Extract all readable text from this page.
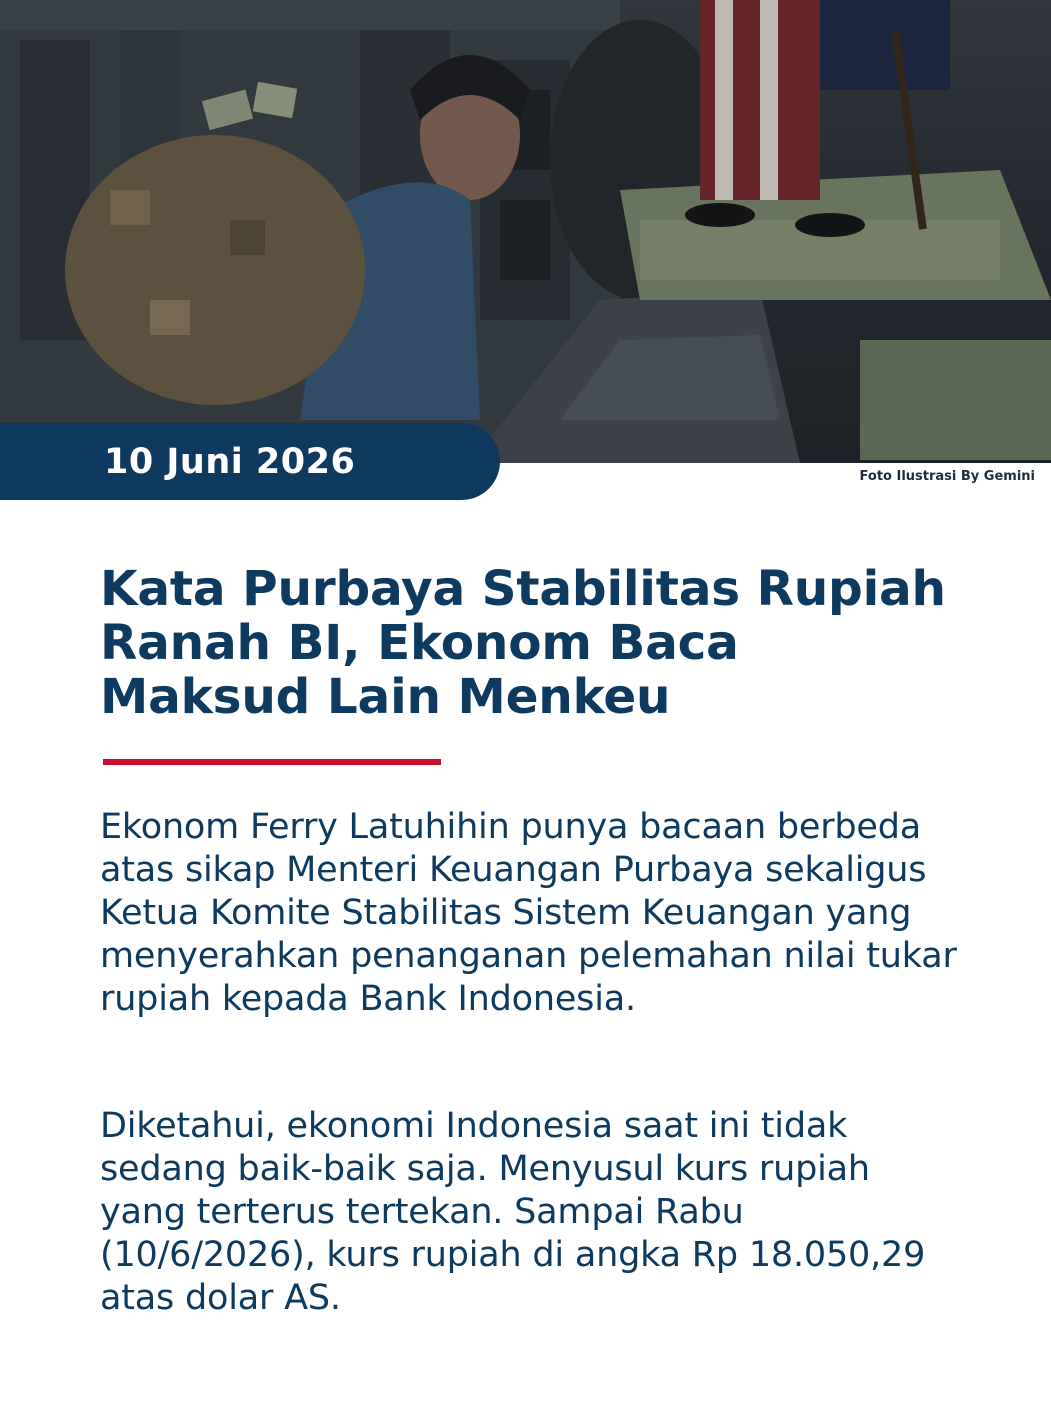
10 Juni 2026	Foto Ilustrasi By Gemini
Kata Purbaya Stabilitas Rupiah Ranah BI, Ekonom Baca Maksud Lain Menkeu

Ekonom Ferry Latuhihin punya bacaan berbeda atas sikap Menteri Keuangan Purbaya sekaligus Ketua Komite Stabilitas Sistem Keuangan yang menyerahkan penanganan pelemahan nilai tukar rupiah kepada Bank Indonesia.

Diketahui, ekonomi Indonesia saat ini tidak sedang baik-baik saja. Menyusul kurs rupiah yang terterus tertekan. Sampai Rabu (10/6/2026), kurs rupiah di angka Rp 18.050,29 atas dolar AS.
